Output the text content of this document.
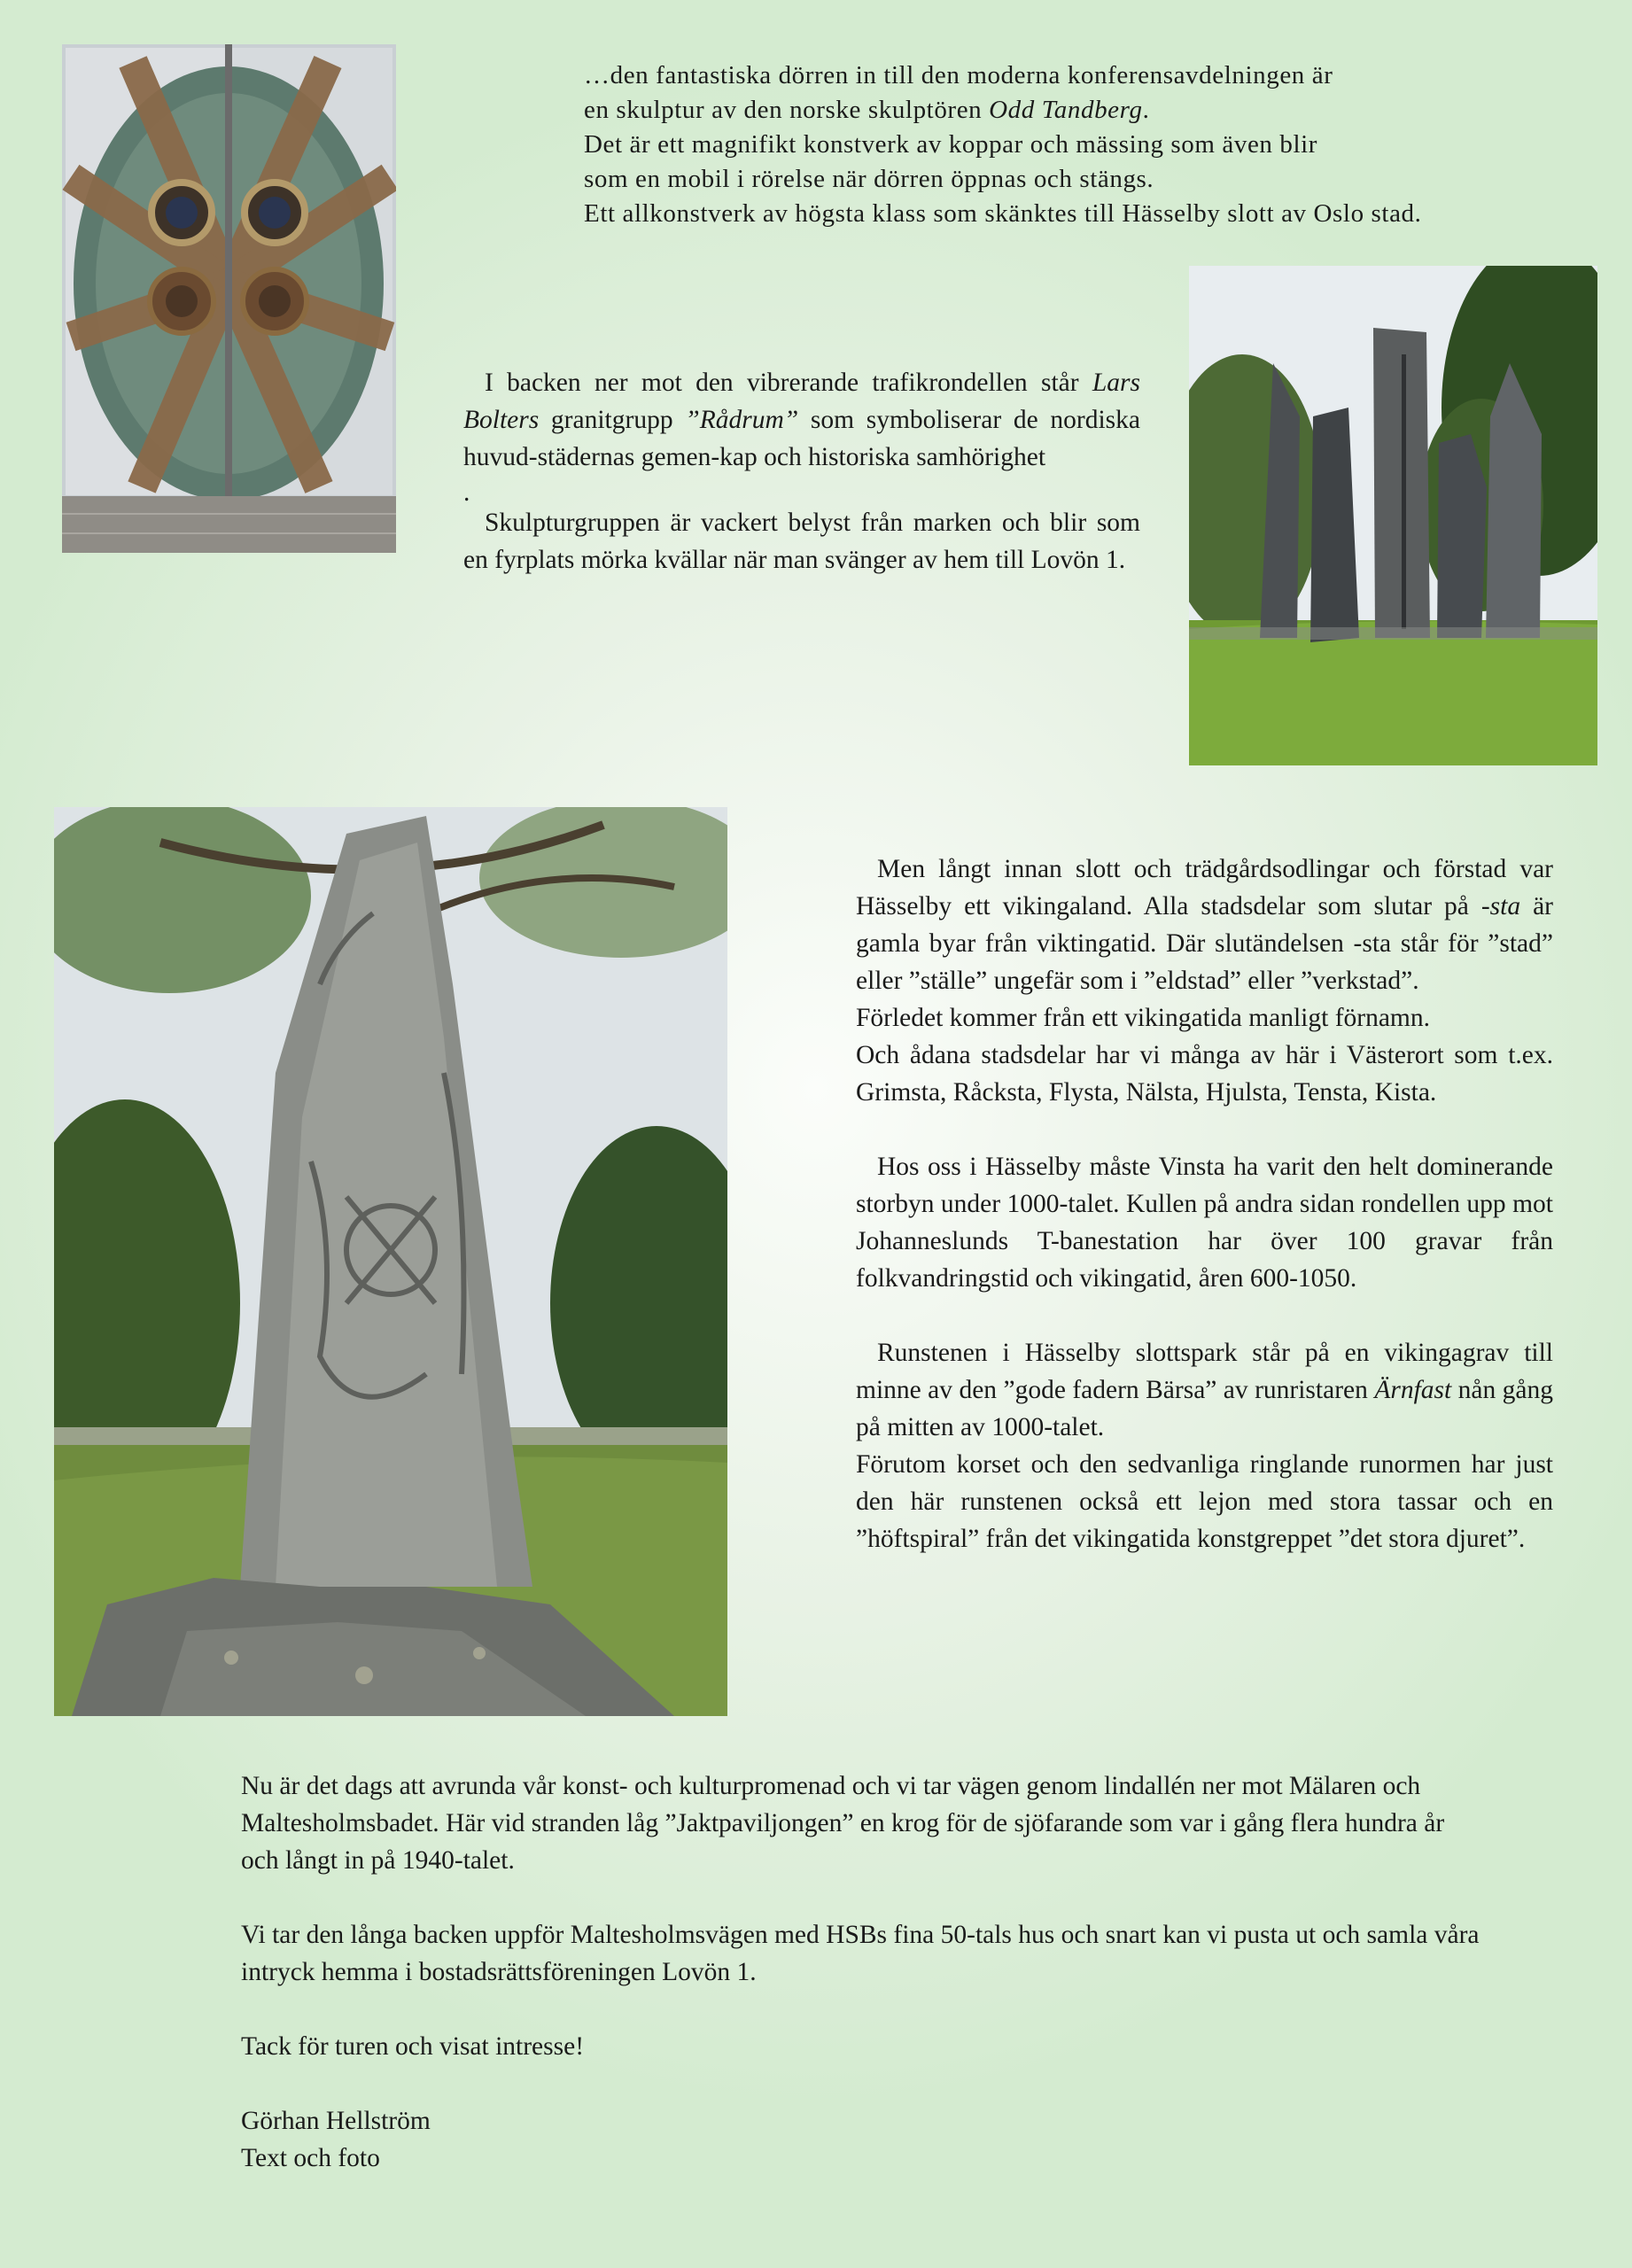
…den fantastiska dörren in till den moderna konferensavdelningen är

en skulptur av den norske skulptören Odd Tandberg.

Det är ett magnifikt konstverk av koppar och mässing som även blir

som en mobil i rörelse när dörren öppnas och stängs.

Ett allkonstverk av högsta klass som skänktes till Hässelby slott av Oslo stad.

I backen ner mot den vibrerande trafikrondellen står Lars Bolters granitgrupp ”Rådrum” som symboliserar de nordiska huvud-städernas gemen-kap och historiska samhörighet

.

Skulpturgruppen är vackert belyst från marken och blir som en fyrplats mörka kvällar när man svänger av hem till Lovön 1.

Men långt innan slott och trädgårdsodlingar och förstad var Hässelby ett vikingaland. Alla stadsdelar som slutar på -sta är gamla byar från viktingatid. Där slutändelsen -sta står för ”stad” eller ”ställe” ungefär som i ”eldstad” eller ”verkstad”.

Förledet kommer från ett vikingatida manligt förnamn.

Och ådana stadsdelar har vi många av här i Västerort som t.ex. Grimsta, Råcksta, Flysta, Nälsta, Hjulsta, Tensta, Kista.

Hos oss i Hässelby måste Vinsta ha varit den helt dominerande storbyn under 1000-talet. Kullen på andra sidan rondellen upp mot Johanneslunds T-banestation har över 100 gravar från folkvandringstid och vikingatid, åren 600-1050.

Runstenen i Hässelby slottspark står på en vikingagrav till minne av den ”gode fadern Bärsa” av runristaren Ärnfast nån gång på mitten av 1000-talet.

Förutom korset och den sedvanliga ringlande runormen har just den här runstenen också ett lejon med stora tassar och en ”höftspiral” från det vikingatida konstgreppet ”det stora djuret”.

Nu är det dags att avrunda vår konst- och kulturpromenad och vi tar vägen genom lindallén ner mot Mälaren och Maltesholmsbadet. Här vid stranden låg ”Jaktpaviljongen” en krog för de sjöfarande som var i gång flera hundra år och långt in på 1940-talet.

Vi tar den långa backen uppför Maltesholmsvägen med HSBs fina 50-tals hus och snart kan vi pusta ut och samla våra intryck hemma i bostadsrättsföreningen Lovön 1.

Tack för turen och visat intresse!

Görhan Hellström

Text och foto
